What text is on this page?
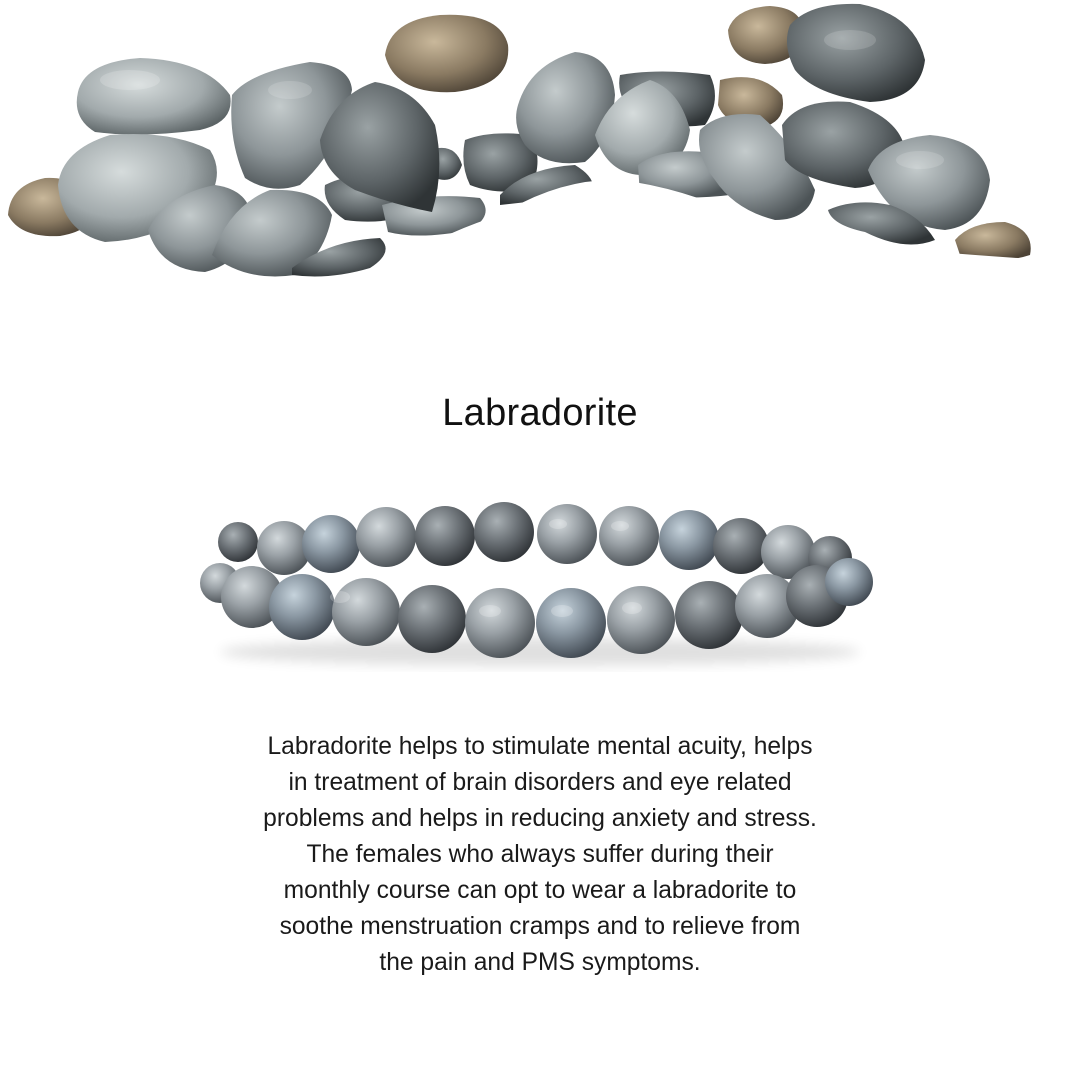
Labradorite
Labradorite helps to stimulate mental acuity, helps
in treatment of brain disorders and eye related
problems and helps in reducing anxiety and stress.
The females who always suffer during their
monthly course can opt to wear a labradorite to
soothe menstruation cramps and to relieve from
the pain and PMS symptoms.
